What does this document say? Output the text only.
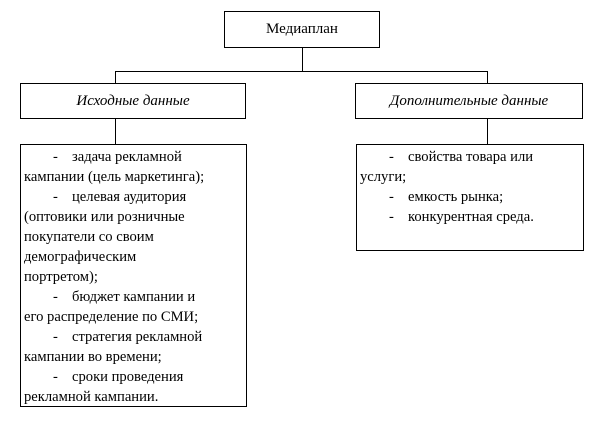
Медиаплан
Исходные данные	Дополнительные данные
- задача рекламной кампании (цель маркетинга);
- целевая аудитория (оптовики или розничные покупатели со своим демографическим портретом);
- бюджет кампании и его распределение по СМИ;
- стратегия рекламной кампании во времени;
- сроки проведения рекламной кампании.
- свойства товара или услуги;
- емкость рынка;
- конкурентная среда.
